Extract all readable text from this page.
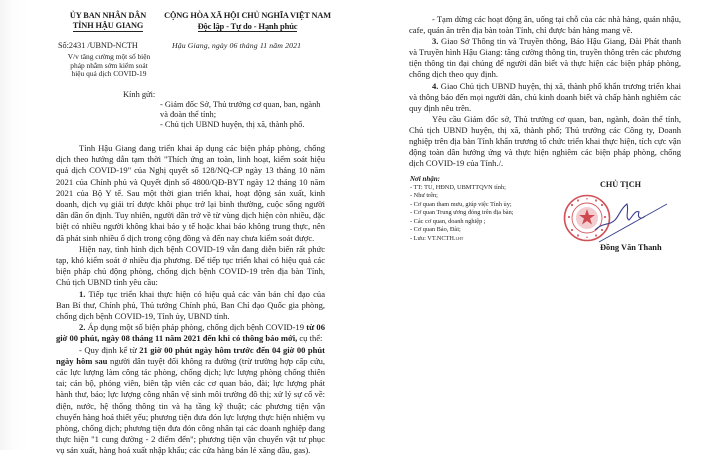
ỦY BAN NHÂN DÂN
TỈNH HẬU GIANG
Số:2431 /UBND-NCTH
V/v tăng cường một số biện
pháp nhằm sớm kiểm soát
hiệu quả dịch COVID-19
CỘNG HÒA XÃ HỘI CHỦ NGHĨA VIỆT NAM
Độc lập - Tự do - Hạnh phúc
Hậu Giang, ngày 06 tháng 11 năm 2021
Kính gửi:
- Giám đốc Sở, Thủ trưởng cơ quan, ban, ngành
và đoàn thể tỉnh;
- Chủ tịch UBND huyện, thị xã, thành phố.

Tỉnh Hậu Giang đang triển khai áp dụng các biện pháp phòng, chống dịch theo hướng dẫn tạm thời "Thích ứng an toàn, linh hoạt, kiểm soát hiệu quả dịch COVID-19" của Nghị quyết số 128/NQ-CP ngày 13 tháng 10 năm 2021 của Chính phủ và Quyết định số 4800/QĐ-BYT ngày 12 tháng 10 năm 2021 của Bộ Y tế. Sau một thời gian triển khai, hoạt động sản xuất, kinh doanh, dịch vụ giải trí được khôi phục trở lại bình thường, cuộc sống người dân dần ổn định. Tuy nhiên, người dân trở về từ vùng dịch hiện còn nhiều, đặc biệt có nhiều người không khai báo y tế hoặc khai báo không trung thực, nên đã phát sinh nhiều ổ dịch trong cộng đồng và đến nay chưa kiểm soát được.

Hiện nay, tình hình dịch bệnh COVID-19 vẫn đang diễn biến rất phức tạp, khó kiểm soát ở nhiều địa phương. Để tiếp tục triển khai có hiệu quả các biện pháp chủ động phòng, chống dịch bệnh COVID-19 trên địa bàn Tỉnh, Chủ tịch UBND tỉnh yêu cầu:

1. Tiếp tục triển khai thực hiện có hiệu quả các văn bản chỉ đạo của Ban Bí thư, Chính phủ, Thủ tướng Chính phủ, Ban Chỉ đạo Quốc gia phòng, chống dịch bệnh COVID-19, Tỉnh ủy, UBND tỉnh.

2. Áp dụng một số biện pháp phòng, chống dịch bệnh COVID-19 từ 06 giờ 00 phút, ngày 08 tháng 11 năm 2021 đến khi có thông báo mới, cụ thể:

- Quy định kể từ 21 giờ 00 phút ngày hôm trước đến 04 giờ 00 phút ngày hôm sau người dân tuyệt đối không ra đường (trừ trường hợp cấp cứu, các lực lượng làm công tác phòng, chống dịch; lực lượng phòng chống thiên tai; cán bộ, phóng viên, biên tập viên các cơ quan báo, đài; lực lượng phát hành thư, báo; lực lượng công nhân vệ sinh môi trường đô thị; xử lý sự cố về: điện, nước, hệ thống thông tin và hạ tầng kỹ thuật; các phương tiện vận chuyển hàng hoá thiết yếu; phương tiện đưa đón lực lượng thực hiện nhiệm vụ phòng, chống dịch; phương tiện đưa đón công nhân tại các doanh nghiệp đang thực hiện "1 cung đường - 2 điểm đến"; phương tiện vận chuyển vật tư phục vụ sản xuất, hàng hoá xuất nhập khẩu; các cửa hàng bán lẻ xăng dầu, gas).

- Tạm dừng các hoạt động ăn, uống tại chỗ của các nhà hàng, quán nhậu, cafe, quán ăn trên địa bàn toàn Tỉnh, chỉ được bán hàng mang về.

3. Giao Sở Thông tin và Truyền thông, Báo Hậu Giang, Đài Phát thanh và Truyền hình Hậu Giang: tăng cường thông tin, truyền thông trên các phương tiện thông tin đại chúng để người dân biết và thực hiện các biện pháp phòng, chống dịch theo quy định.

4. Giao Chủ tịch UBND huyện, thị xã, thành phố khẩn trương triển khai và thông báo đến mọi người dân, chủ kinh doanh biết và chấp hành nghiêm các quy định nêu trên.

Yêu cầu Giám đốc sở, Thủ trưởng cơ quan, ban, ngành, đoàn thể tỉnh, Chủ tịch UBND huyện, thị xã, thành phố; Thủ trưởng các Công ty, Doanh nghiệp trên địa bàn Tỉnh khẩn trương tổ chức triển khai thực hiện, tích cực vận động toàn dân hưởng ứng và thực hiện nghiêm các biện pháp phòng, chống dịch COVID-19 của Tỉnh./.

Nơi nhận:
- TT: TU, HĐND, UBMTTQVN tỉnh;
- Như trên;
- Cơ quan tham mưu, giúp việc Tỉnh ủy;
- Cơ quan Trung ương đóng trên địa bàn;
- Các cơ quan, doanh nghiệp ;
- Cơ quan Báo, Đài;
- Lưu: VT.NCTH.LHT
CHỦ TỊCH
Đồng Văn Thanh
